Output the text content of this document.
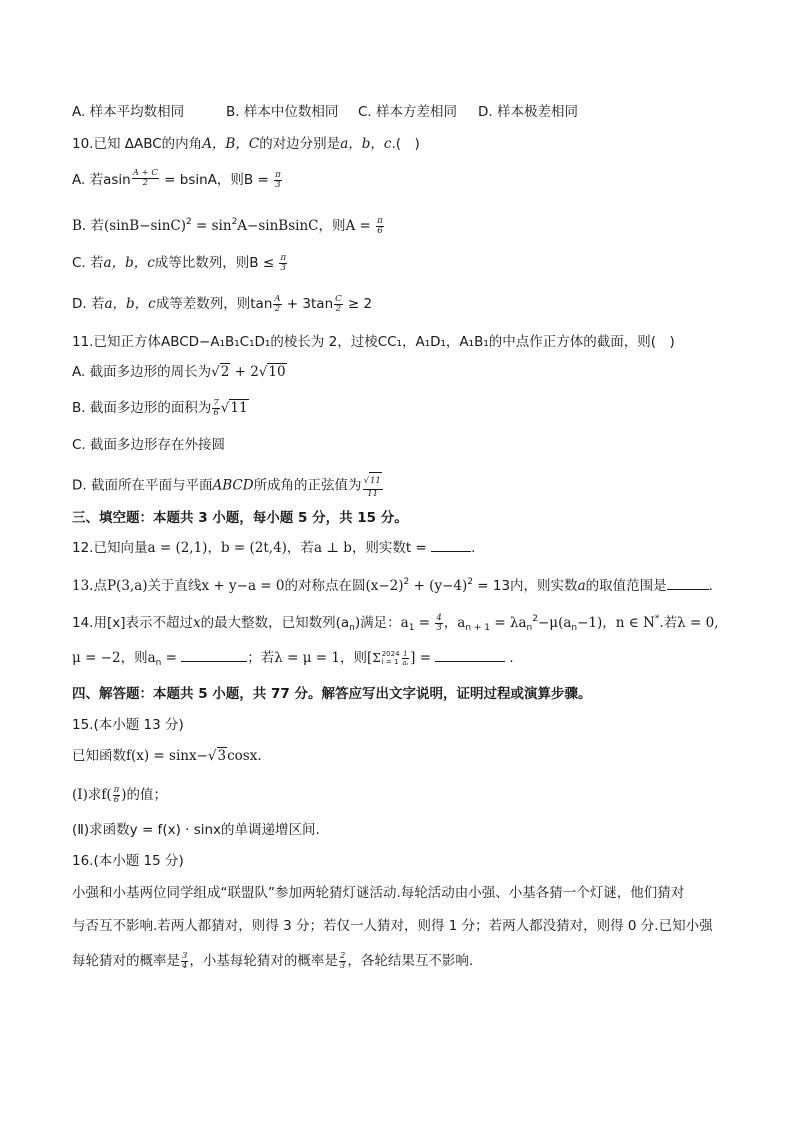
A. 样本平均数相同	B. 样本中位数相同 C. 样本方差相同 D. 样本极差相同
10.已知 ΔABC的内角A，B，C的对边分别是a，b，c.(　)
A. 若asin $\frac{A + C}{2} = bsinA$，则$B = \frac{\pi}{3}$
B. 若$(\sin B-\sin C)^2$ = $\sin^2A-sinBsinC$，则$A = \frac{\pi}{6}$
C. 若a，b，c成等比数列，则$B \le \frac{\pi}{3}$
D. 若a，b，c成等差数列，则$\tan \frac{A}{2} + 3\tan \frac{C}{2} \ge 2$
11.已知正方体ABCD−A₁B₁C₁D₁的棱长为 2，过棱CC₁，A₁D₁，A₁B₁的中点作正方体的截面，则(　)
A. 截面多边形的周长为√2 + 2√10
B. 截面多边形的面积为 $\frac{7}{6} √11$
C. 截面多边形存在外接圆
D. 截面所在平面与平面ABCD所成角的正弦值为 $\frac{√11}{11}$
三、填空题：本题共 3 小题，每小题 5 分，共 15 分。
12.已知向量a = (2,1)，b = (2t,4)，若a ⊥ b，则实数t =	.
13.点P(3,a)关于直线x + y−a = 0的对称点在圆$(x-2)^2 + (y-4)^2 = 13$内，则实数a的取值范围是	.
14.用[x]表示不超过x的最大整数，已知数列$(a_n)$满足：$a_1 = \frac{4}{3}$ ，$a_{n + 1} = \lambda a_n^2-\mu(a_n-1)$，n ∈ N*.若λ = 0,
μ = −2，则$a_n$ =	；若λ = μ = 1，则[ Σ 2024
$i = 1 \frac{1}{\text{aᵢ}}$ ] =	.
四、解答题：本题共 5 小题，共 77 分。解答应写出文字说明，证明过程或演算步骤。
15.(本小题 13 分)
已知函数f(x) = sinx−√3cosx.
(Ⅰ)求$f( \frac{\pi}{6}$ )的值；
(Ⅱ)求函数y = f(x) · sinx的单调递增区间.
16.(本小题 15 分)
小强和小基两位同学组成“联盟队”参加两轮猜灯谜活动.每轮活动由小强、小基各猜一个灯谜，他们猜对
与否互不影响.若两人都猜对，则得 3 分；若仅一人猜对，则得 1 分；若两人都没猜对，则得 0 分.已知小强
每轮猜对的概率是 $\frac{3}{4}$ ，小基每轮猜对的概率是 $\frac{2}{3}$ ，各轮结果互不影响.
